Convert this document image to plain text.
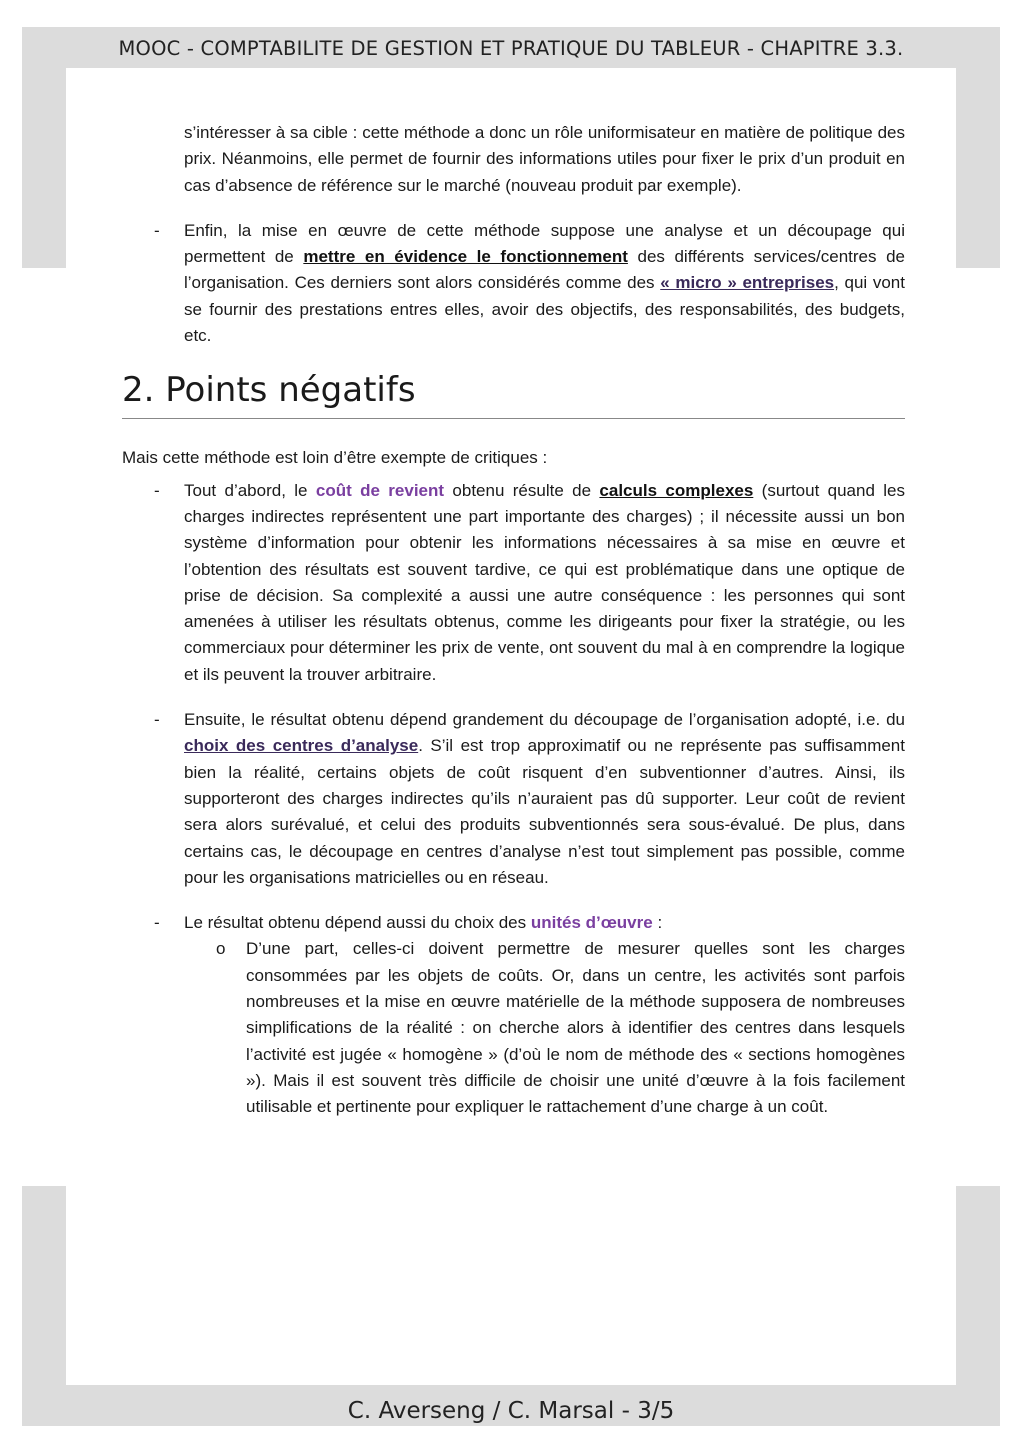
MOOC - COMPTABILITE DE GESTION ET PRATIQUE DU TABLEUR - CHAPITRE 3.3.

s’intéresser à sa cible : cette méthode a donc un rôle uniformisateur en matière de politique des prix. Néanmoins, elle permet de fournir des informations utiles pour fixer le prix d’un produit en cas d’absence de référence sur le marché (nouveau produit par exemple).

- Enfin, la mise en œuvre de cette méthode suppose une analyse et un découpage qui permettent de mettre en évidence le fonctionnement des différents services/centres de l’organisation. Ces derniers sont alors considérés comme des « micro » entreprises, qui vont se fournir des prestations entres elles, avoir des objectifs, des responsabilités, des budgets, etc.

2. Points négatifs

Mais cette méthode est loin d’être exempte de critiques :

- Tout d’abord, le coût de revient obtenu résulte de calculs complexes (surtout quand les charges indirectes représentent une part importante des charges) ; il nécessite aussi un bon système d’information pour obtenir les informations nécessaires à sa mise en œuvre et l’obtention des résultats est souvent tardive, ce qui est problématique dans une optique de prise de décision. Sa complexité a aussi une autre conséquence : les personnes qui sont amenées à utiliser les résultats obtenus, comme les dirigeants pour fixer la stratégie, ou les commerciaux pour déterminer les prix de vente, ont souvent du mal à en comprendre la logique et ils peuvent la trouver arbitraire.

- Ensuite, le résultat obtenu dépend grandement du découpage de l’organisation adopté, i.e. du choix des centres d’analyse. S’il est trop approximatif ou ne représente pas suffisamment bien la réalité, certains objets de coût risquent d’en subventionner d’autres. Ainsi, ils supporteront des charges indirectes qu’ils n’auraient pas dû supporter. Leur coût de revient sera alors surévalué, et celui des produits subventionnés sera sous-évalué. De plus, dans certains cas, le découpage en centres d’analyse n’est tout simplement pas possible, comme pour les organisations matricielles ou en réseau.

- Le résultat obtenu dépend aussi du choix des unités d’œuvre :

o D’une part, celles-ci doivent permettre de mesurer quelles sont les charges consommées par les objets de coûts. Or, dans un centre, les activités sont parfois nombreuses et la mise en œuvre matérielle de la méthode supposera de nombreuses simplifications de la réalité : on cherche alors à identifier des centres dans lesquels l’activité est jugée « homogène » (d’où le nom de méthode des « sections homogènes »). Mais il est souvent très difficile de choisir une unité d’œuvre à la fois facilement utilisable et pertinente pour expliquer le rattachement d’une charge à un coût.

C. Averseng / C. Marsal - 3/5
